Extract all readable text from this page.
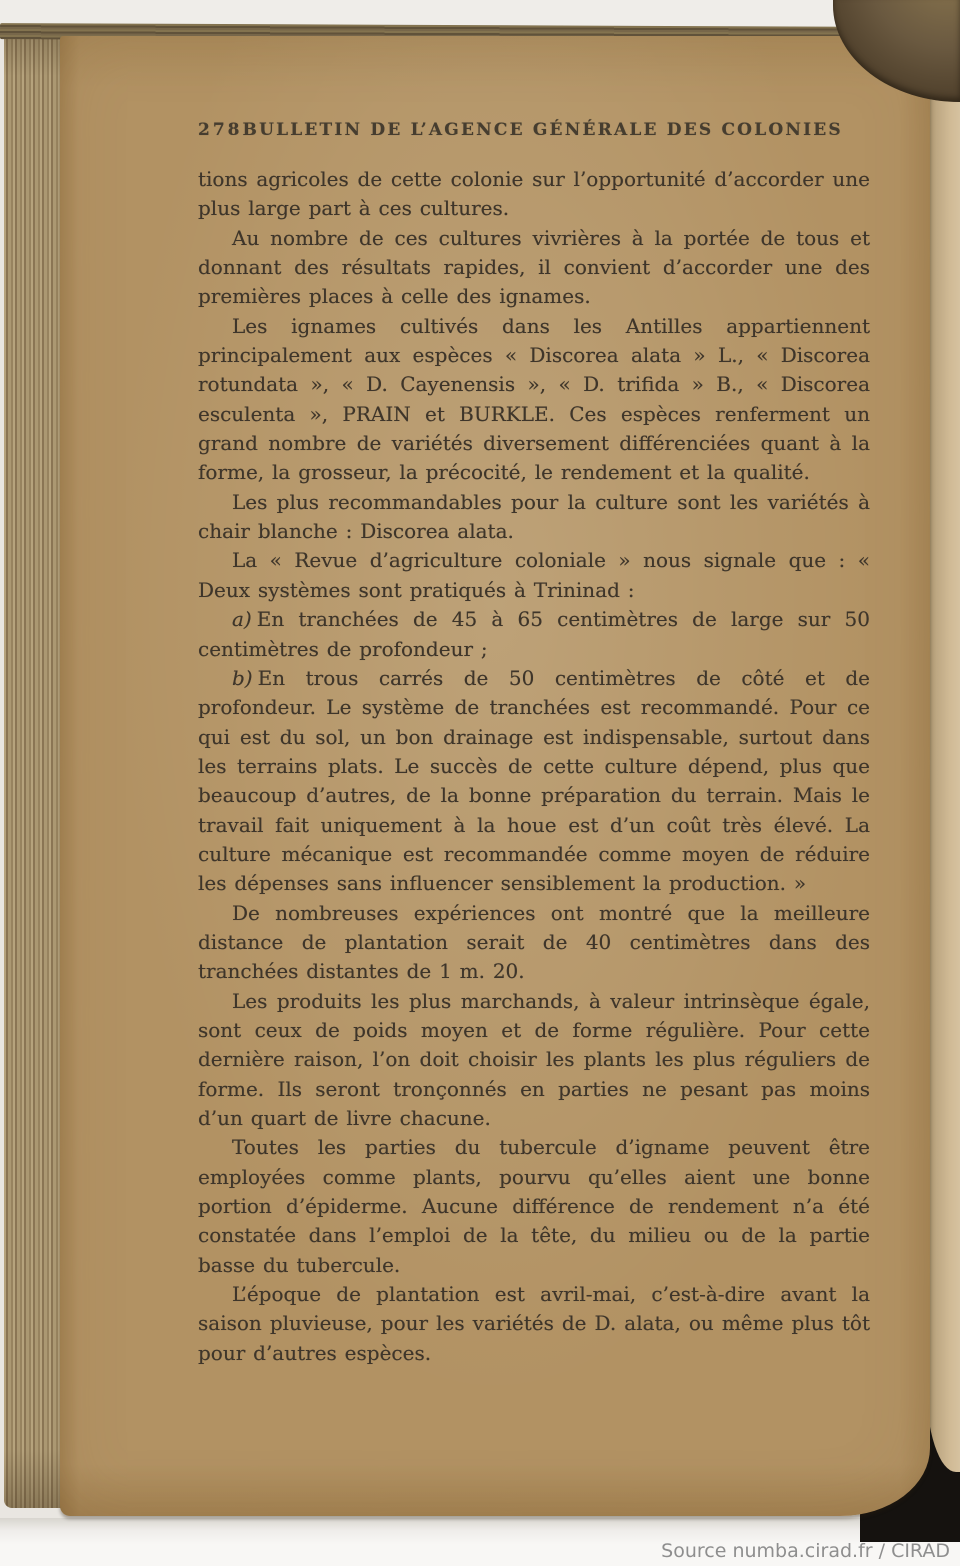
278 BULLETIN DE L’AGENCE GÉNÉRALE DES COLONIES

tions agricoles de cette colonie sur l’opportunité d’accorder une plus large part à ces cultures.

Au nombre de ces cultures vivrières à la portée de tous et donnant des résultats rapides, il convient d’accorder une des premières places à celle des ignames.

Les ignames cultivés dans les Antilles appartiennent principalement aux espèces « Discorea alata » L., « Discorea rotundata », « D. Cayenensis », « D. trifida » B., « Discorea esculenta », PRAIN et BURKLE. Ces espèces renferment un grand nombre de variétés diversement différenciées quant à la forme, la grosseur, la précocité, le rendement et la qualité.

Les plus recommandables pour la culture sont les variétés à chair blanche : Discorea alata.

La « Revue d’agriculture coloniale » nous signale que : « Deux systèmes sont pratiqués à Trininad :

a) En tranchées de 45 à 65 centimètres de large sur 50 centimètres de profondeur ;

b) En trous carrés de 50 centimètres de côté et de profondeur. Le système de tranchées est recommandé. Pour ce qui est du sol, un bon drainage est indispensable, surtout dans les terrains plats. Le succès de cette culture dépend, plus que beaucoup d’autres, de la bonne préparation du terrain. Mais le travail fait uniquement à la houe est d’un coût très élevé. La culture mécanique est recommandée comme moyen de réduire les dépenses sans influencer sensiblement la production. »

De nombreuses expériences ont montré que la meilleure distance de plantation serait de 40 centimètres dans des tranchées distantes de 1 m. 20.

Les produits les plus marchands, à valeur intrinsèque égale, sont ceux de poids moyen et de forme régulière. Pour cette dernière raison, l’on doit choisir les plants les plus réguliers de forme. Ils seront tronçonnés en parties ne pesant pas moins d’un quart de livre chacune.

Toutes les parties du tubercule d’igname peuvent être employées comme plants, pourvu qu’elles aient une bonne portion d’épiderme. Aucune différence de rendement n’a été constatée dans l’emploi de la tête, du milieu ou de la partie basse du tubercule.

L’époque de plantation est avril-mai, c’est-à-dire avant la saison pluvieuse, pour les variétés de D. alata, ou même plus tôt pour d’autres espèces.

Source numba.cirad.fr / CIRAD
